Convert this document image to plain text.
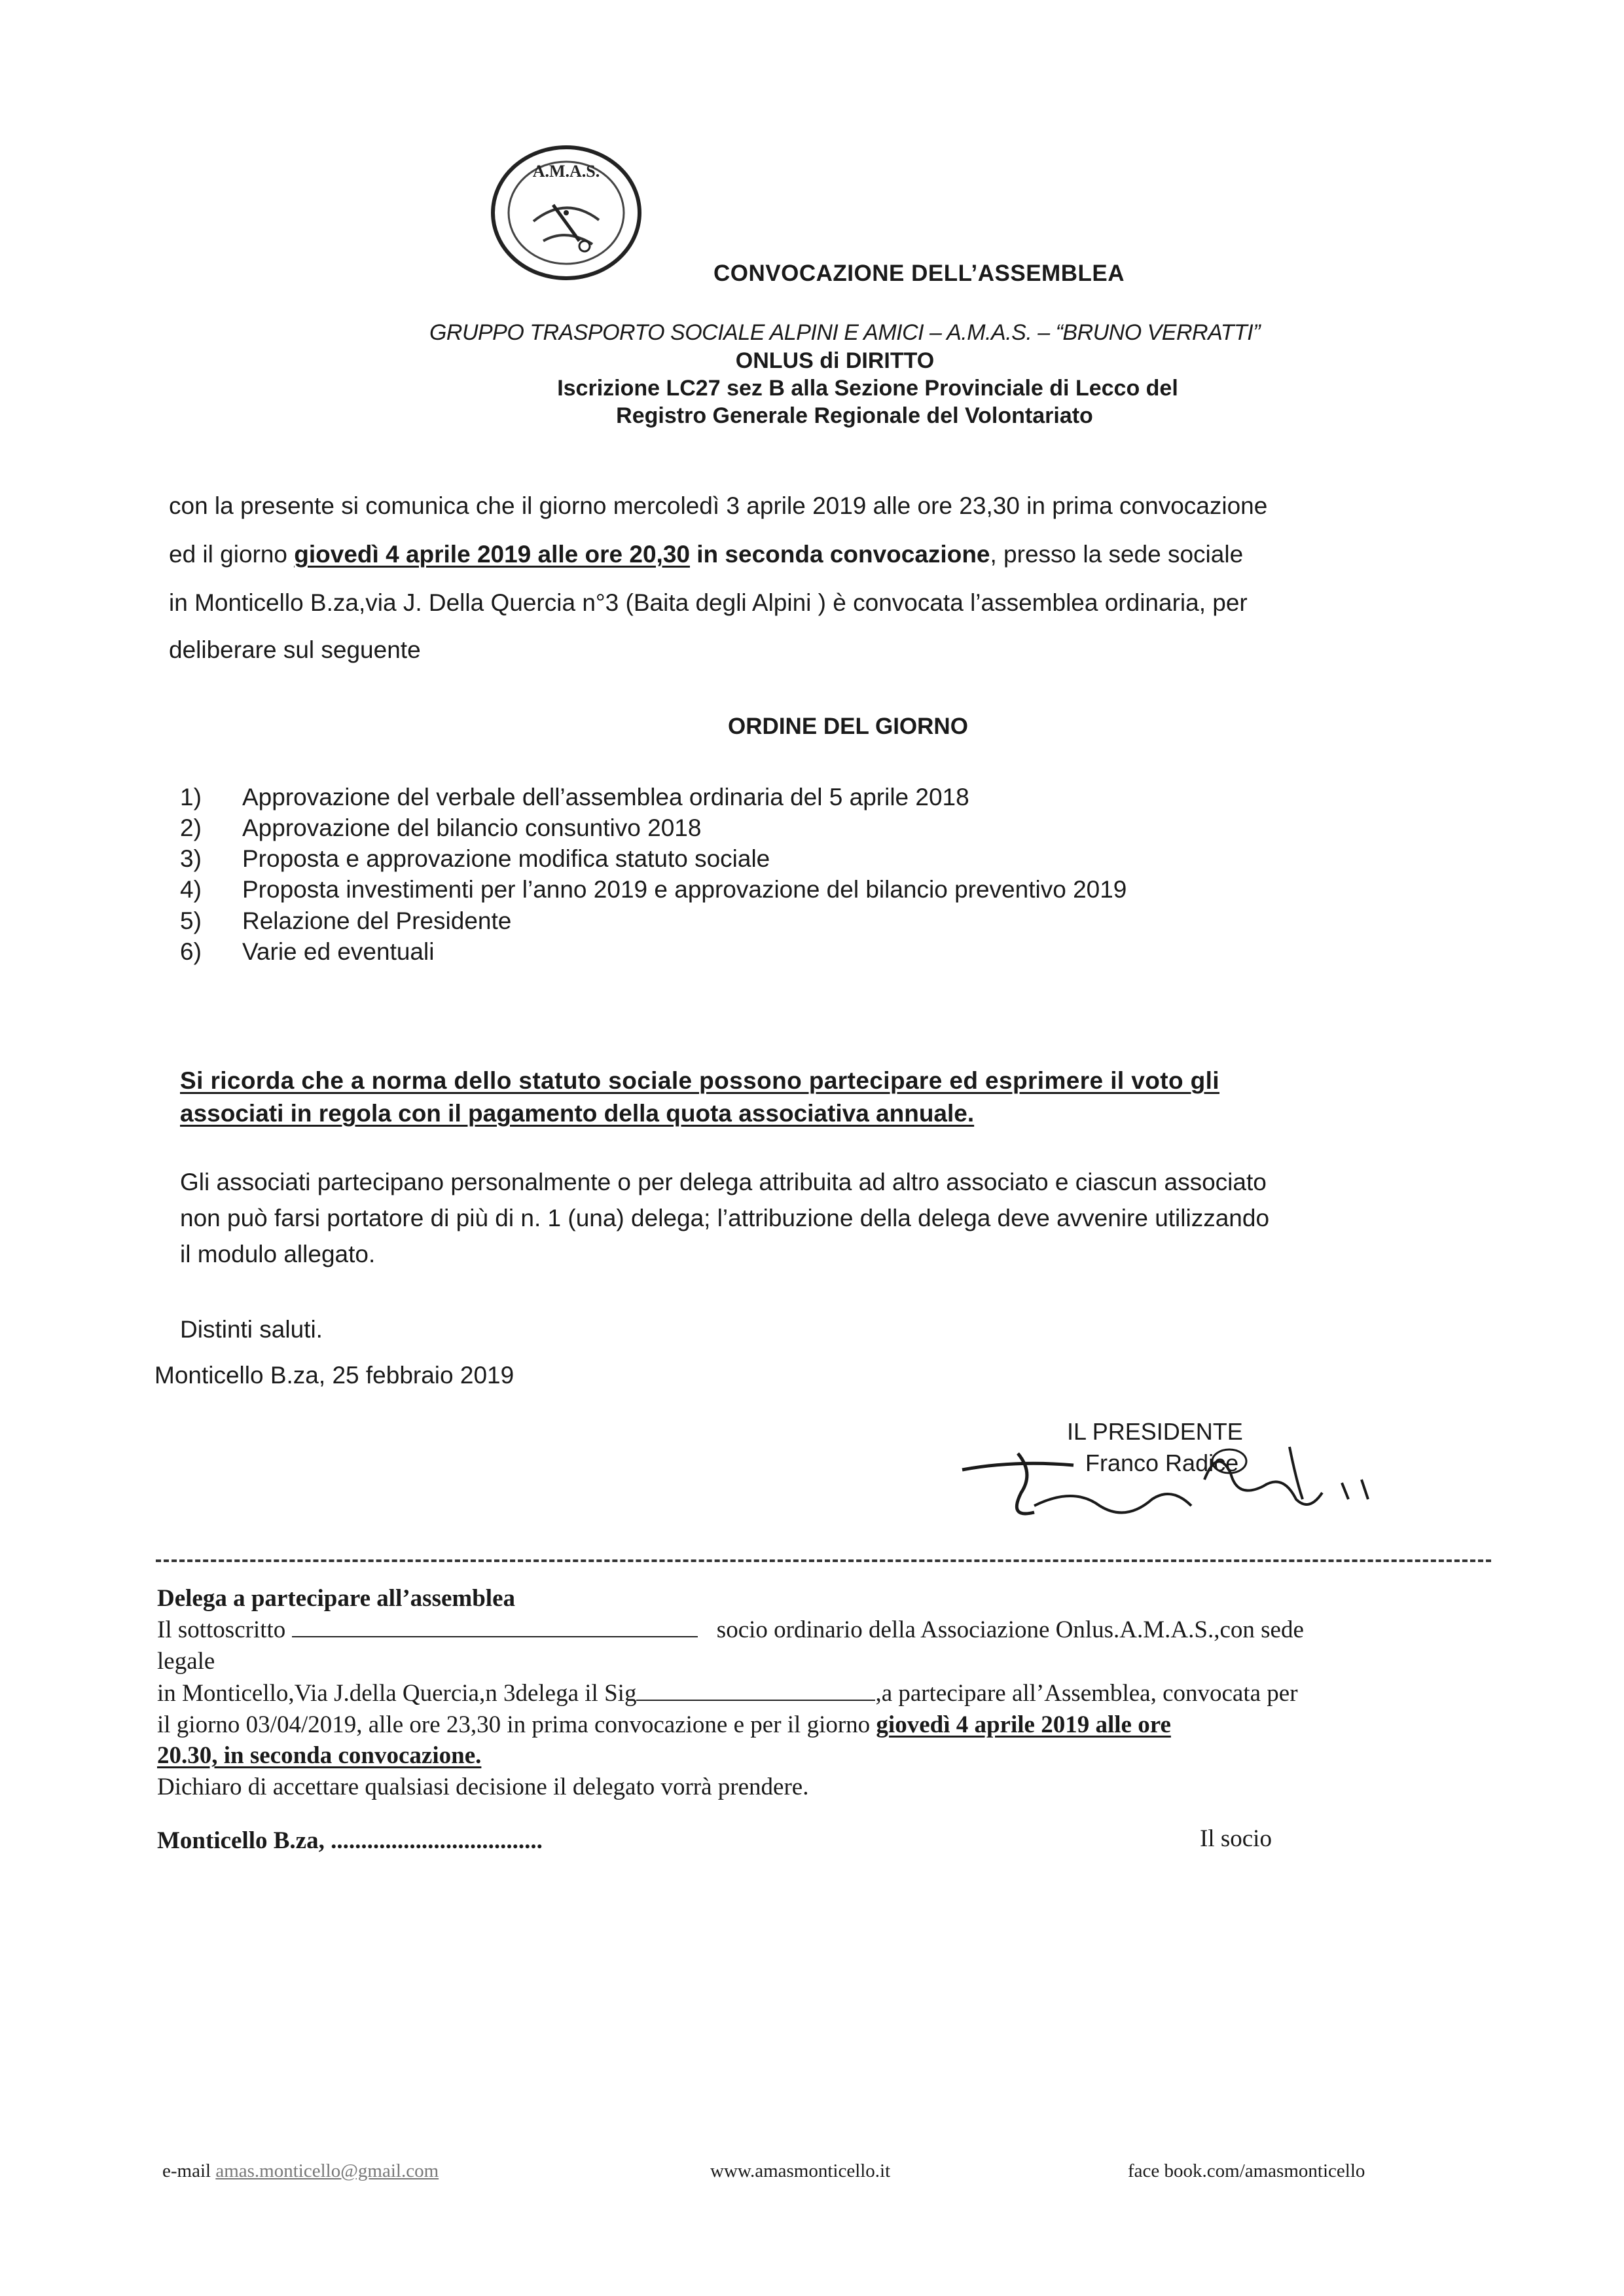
A.M.A.S.
CONVOCAZIONE DELL’ASSEMBLEA
GRUPPO TRASPORTO SOCIALE ALPINI E AMICI – A.M.A.S. – “BRUNO VERRATTI”
ONLUS di DIRITTO
Iscrizione LC27 sez B alla Sezione Provinciale di Lecco del
Registro Generale Regionale del Volontariato
con la presente si comunica che il giorno mercoledì 3 aprile 2019 alle ore 23,30 in prima convocazione
ed il giorno giovedì 4 aprile 2019 alle ore 20,30 in seconda convocazione, presso la sede sociale
in Monticello B.za,via J. Della Quercia n°3 (Baita degli Alpini ) è convocata l’assemblea ordinaria, per
deliberare sul seguente
ORDINE DEL GIORNO
1) Approvazione del verbale dell’assemblea ordinaria del 5 aprile 2018
2) Approvazione del bilancio consuntivo 2018
3) Proposta e approvazione modifica statuto sociale
4) Proposta investimenti per l’anno 2019 e approvazione del bilancio preventivo 2019
5) Relazione del Presidente
6) Varie ed eventuali
Si ricorda che a norma dello statuto sociale possono partecipare ed esprimere il voto gli
associati in regola con il pagamento della quota associativa annuale.
Gli associati partecipano personalmente o per delega attribuita ad altro associato e ciascun associato
non può farsi portatore di più di n. 1 (una) delega; l’attribuzione della delega deve avvenire utilizzando
il modulo allegato.
Distinti saluti.
Monticello B.za, 25 febbraio 2019
IL PRESIDENTE
Franco Radice
Delega a partecipare all’assemblea
Il sottoscritto	socio ordinario della Associazione Onlus.A.M.A.S.,con sede
legale
in Monticello,Via J.della Quercia,n 3delega il Sig	,a partecipare all’Assemblea, convocata per
il giorno 03/04/2019, alle ore 23,30 in prima convocazione e per il giorno giovedì 4 aprile 2019 alle ore
20.30, in seconda convocazione.
Dichiaro di accettare qualsiasi decisione il delegato vorrà prendere.
Monticello B.za, ...................................	Il socio
e-mail amas.monticello@gmail.com	www.amasmonticello.it	face book.com/amasmonticello
